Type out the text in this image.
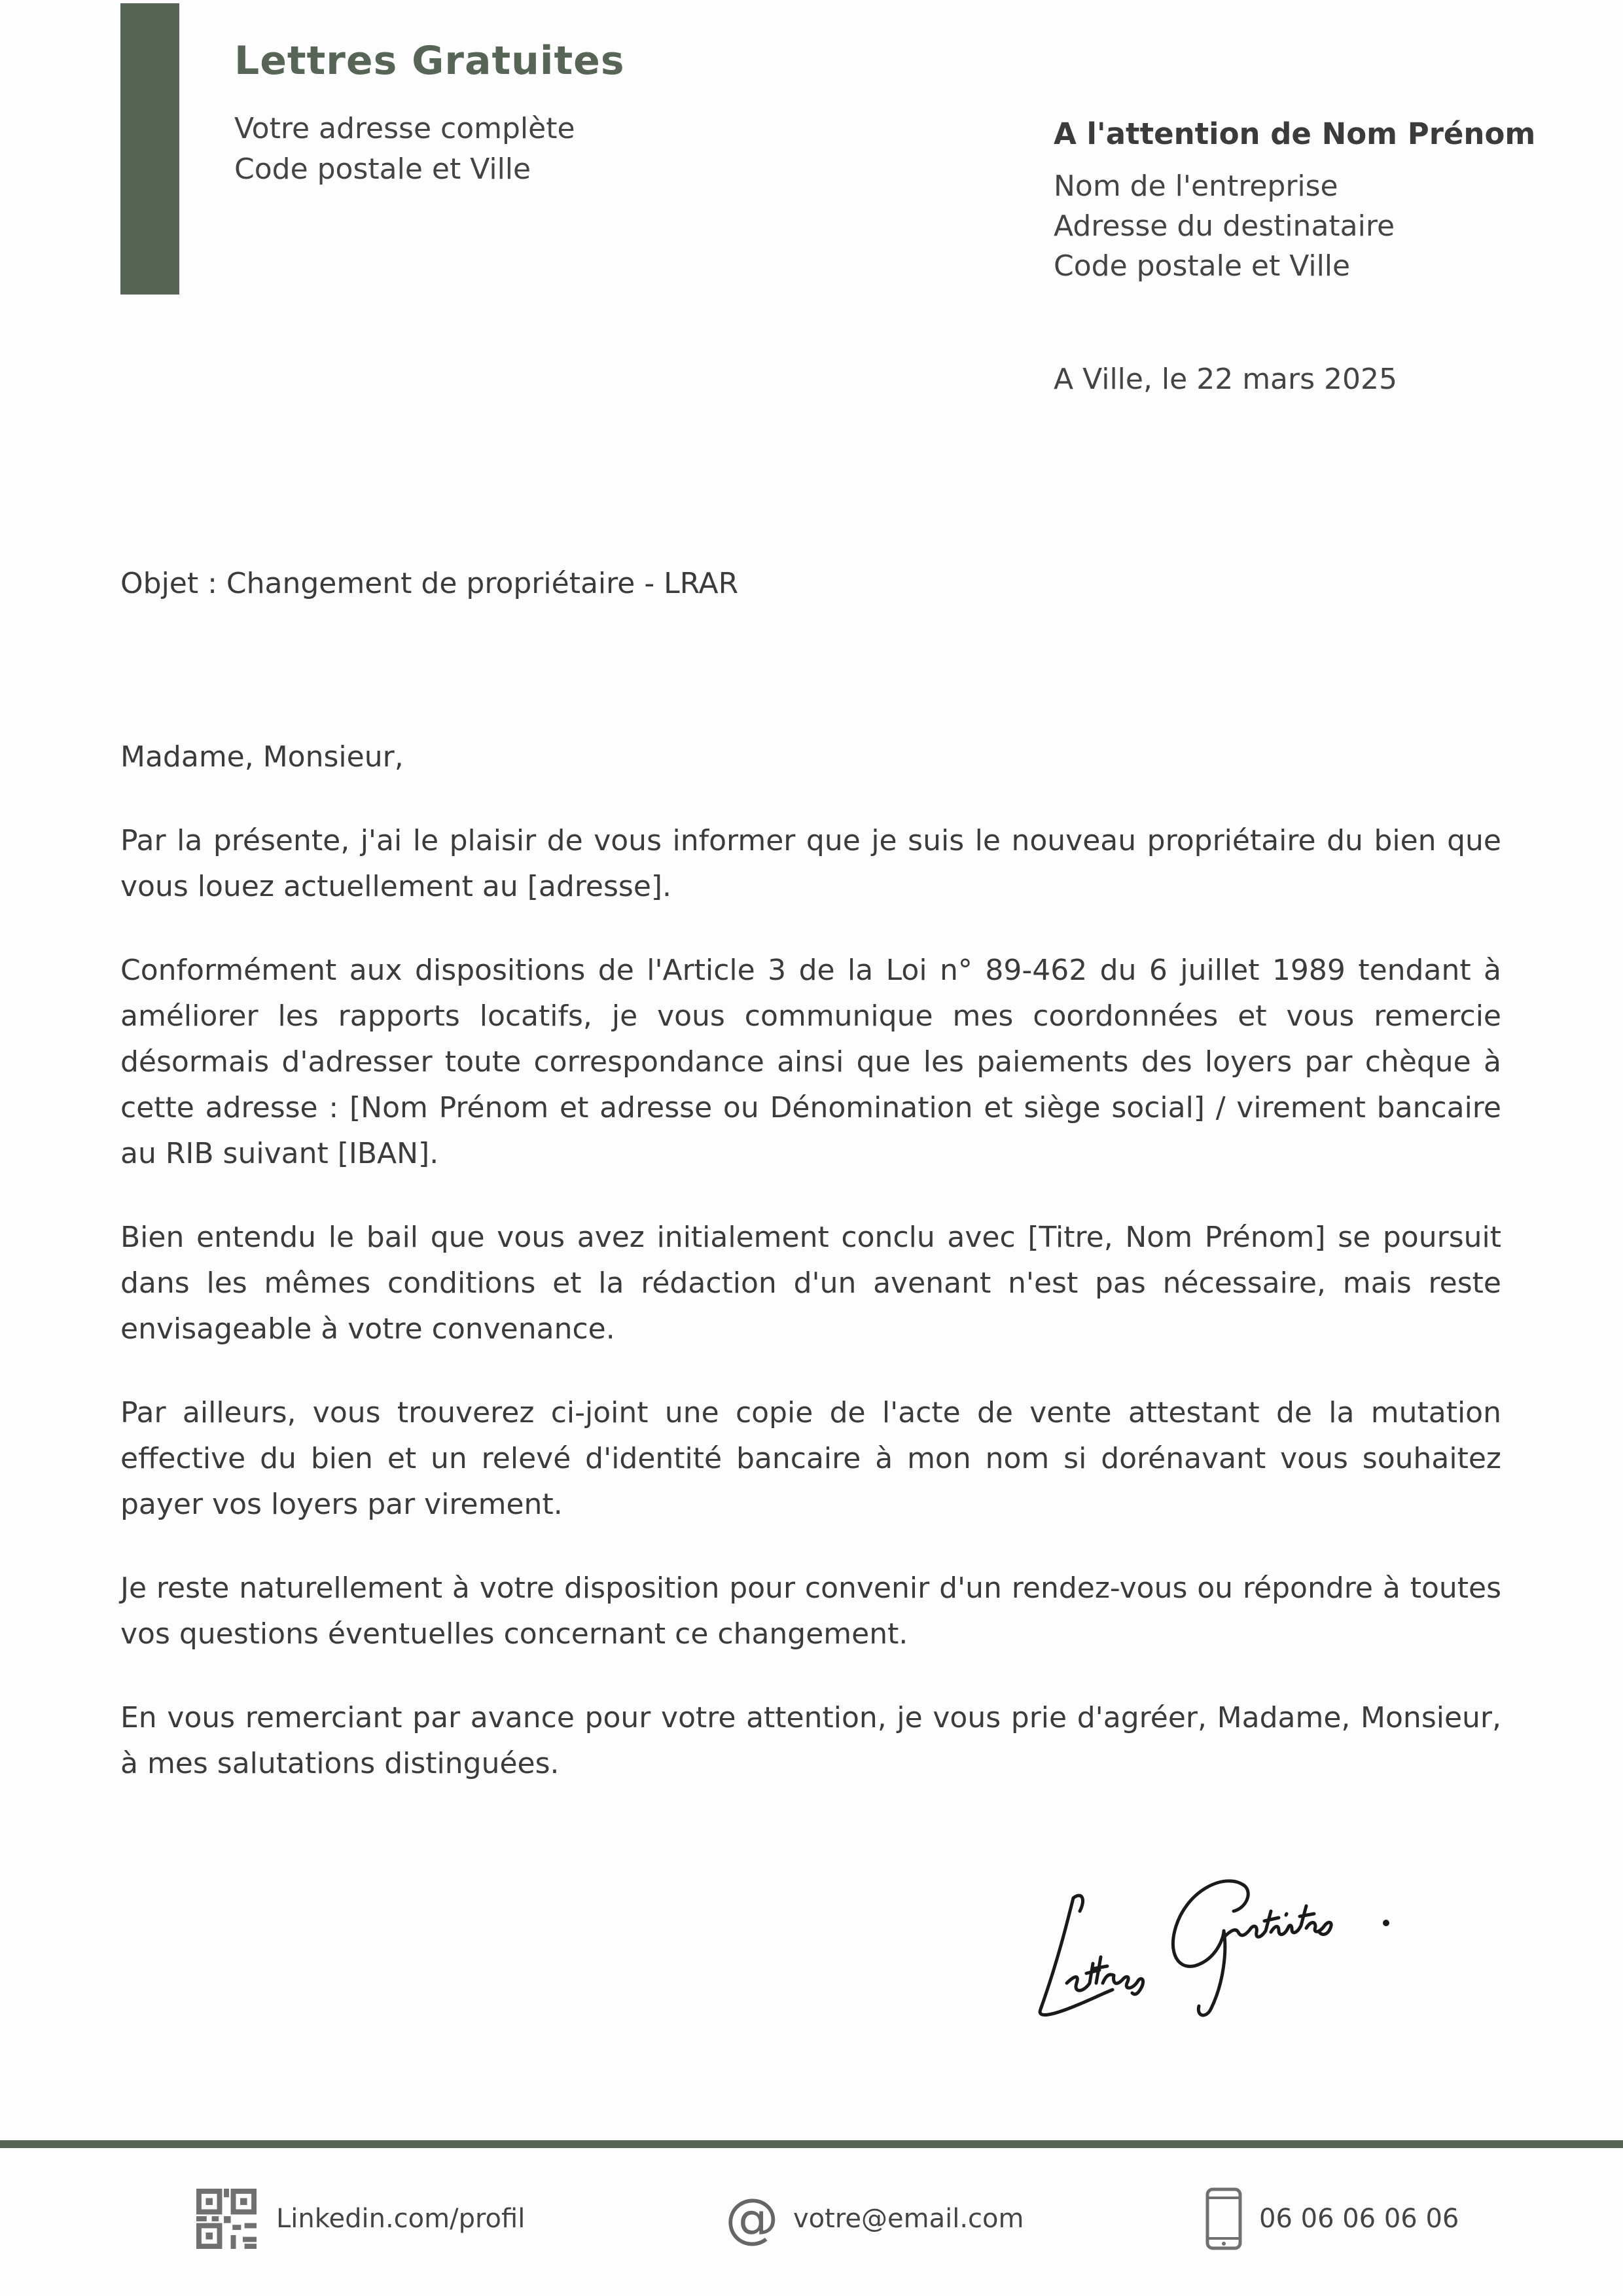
Lettres Gratuites
Votre adresse complète
Code postale et Ville
A l'attention de Nom Prénom
Nom de l'entreprise
Adresse du destinataire
Code postale et Ville
A Ville, le 22 mars 2025
Objet : Changement de propriétaire - LRAR

Madame, Monsieur,

Par la présente, j'ai le plaisir de vous informer que je suis le nouveau propriétaire du bien que vous louez actuellement au [adresse].

Conformément aux dispositions de l'Article 3 de la Loi n° 89-462 du 6 juillet 1989 tendant à améliorer les rapports locatifs, je vous communique mes coordonnées et vous remercie désormais d'adresser toute correspondance ainsi que les paiements des loyers par chèque à cette adresse : [Nom Prénom et adresse ou Dénomination et siège social] / virement bancaire au RIB suivant [IBAN].

Bien entendu le bail que vous avez initialement conclu avec [Titre, Nom Prénom] se poursuit dans les mêmes conditions et la rédaction d'un avenant n'est pas nécessaire, mais reste envisageable à votre convenance.

Par ailleurs, vous trouverez ci-joint une copie de l'acte de vente attestant de la mutation effective du bien et un relevé d'identité bancaire à mon nom si dorénavant vous souhaitez payer vos loyers par virement.

Je reste naturellement à votre disposition pour convenir d'un rendez-vous ou répondre à toutes vos questions éventuelles concernant ce changement.

En vous remerciant par avance pour votre attention, je vous prie d'agréer, Madame, Monsieur, à mes salutations distinguées.

Linkedin.com/profil	@ votre@email.com	06 06 06 06 06
